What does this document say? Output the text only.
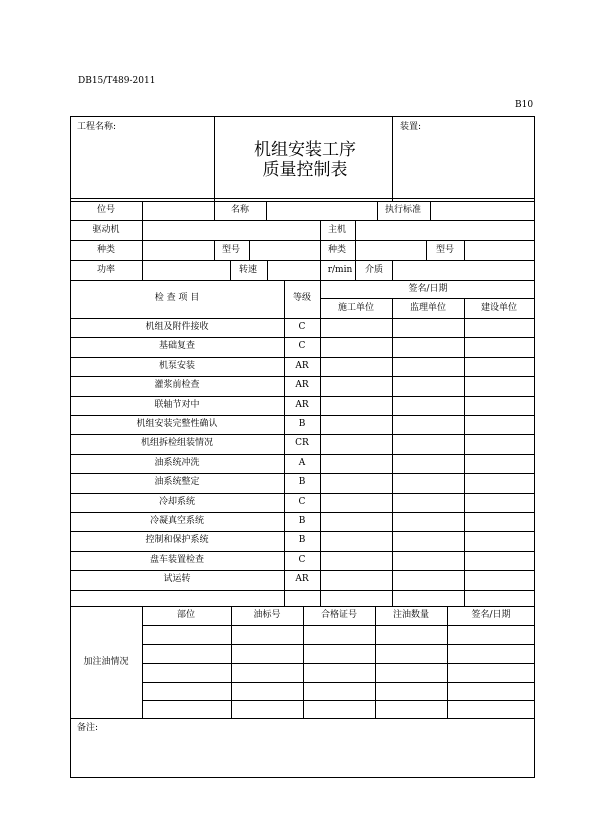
DB15/T489-2011
B10
工程名称:
机组安装工序
质量控制表
装置:
位号	名称	执行标准
驱动机	主机
种类	型号	种类	型号
功率	转速	r/min 介质
检 查 项 目	等级
签名/日期
施工单位	监理单位	建设单位
机组及附件接收	C
基础复查	C
机泵安装	AR
灌浆前检查	AR
联轴节对中	AR
机组安装完整性确认	B
机组拆检组装情况	CR
油系统冲洗	A
油系统整定	B
冷却系统	C
冷凝真空系统	B
控制和保护系统	B
盘车装置检查	C
试运转	AR
加注油情况
部位	油标号	合格证号	注油数量	签名/日期
备注:
